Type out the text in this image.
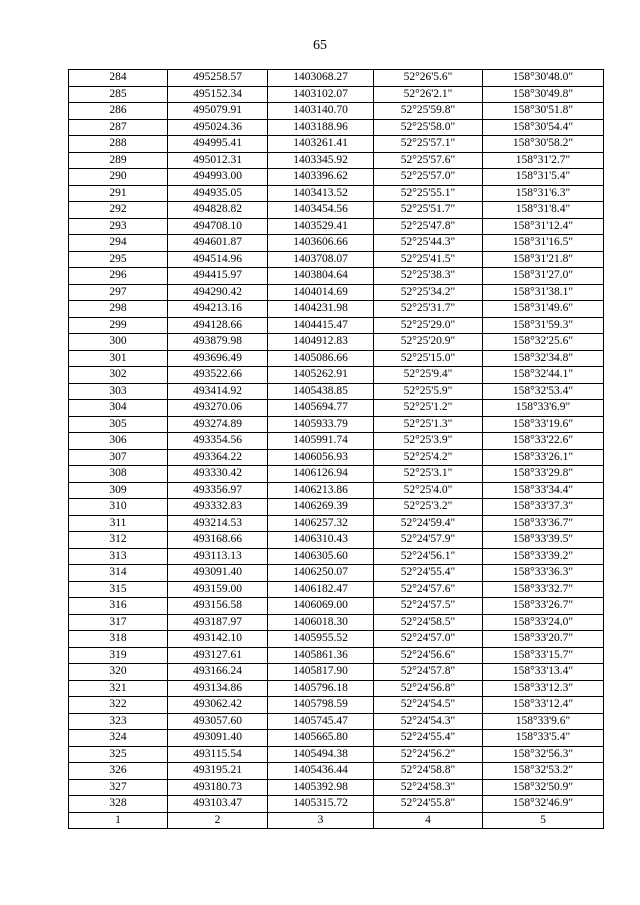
65
284	495258.57	1403068.27	52°26'5.6"	158°30'48.0"
285	495152.34	1403102.07	52°26'2.1"	158°30'49.8"
286	495079.91	1403140.70	52°25'59.8"	158°30'51.8"
287	495024.36	1403188.96	52°25'58.0"	158°30'54.4"
288	494995.41	1403261.41	52°25'57.1"	158°30'58.2"
289	495012.31	1403345.92	52°25'57.6"	158°31'2.7"
290	494993.00	1403396.62	52°25'57.0"	158°31'5.4"
291	494935.05	1403413.52	52°25'55.1"	158°31'6.3"
292	494828.82	1403454.56	52°25'51.7"	158°31'8.4"
293	494708.10	1403529.41	52°25'47.8"	158°31'12.4"
294	494601.87	1403606.66	52°25'44.3"	158°31'16.5"
295	494514.96	1403708.07	52°25'41.5"	158°31'21.8"
296	494415.97	1403804.64	52°25'38.3"	158°31'27.0"
297	494290.42	1404014.69	52°25'34.2"	158°31'38.1"
298	494213.16	1404231.98	52°25'31.7"	158°31'49.6"
299	494128.66	1404415.47	52°25'29.0"	158°31'59.3"
300	493879.98	1404912.83	52°25'20.9"	158°32'25.6"
301	493696.49	1405086.66	52°25'15.0"	158°32'34.8"
302	493522.66	1405262.91	52°25'9.4"	158°32'44.1"
303	493414.92	1405438.85	52°25'5.9"	158°32'53.4"
304	493270.06	1405694.77	52°25'1.2"	158°33'6.9"
305	493274.89	1405933.79	52°25'1.3"	158°33'19.6"
306	493354.56	1405991.74	52°25'3.9"	158°33'22.6"
307	493364.22	1406056.93	52°25'4.2"	158°33'26.1"
308	493330.42	1406126.94	52°25'3.1"	158°33'29.8"
309	493356.97	1406213.86	52°25'4.0"	158°33'34.4"
310	493332.83	1406269.39	52°25'3.2"	158°33'37.3"
311	493214.53	1406257.32	52°24'59.4"	158°33'36.7"
312	493168.66	1406310.43	52°24'57.9"	158°33'39.5"
313	493113.13	1406305.60	52°24'56.1"	158°33'39.2"
314	493091.40	1406250.07	52°24'55.4"	158°33'36.3"
315	493159.00	1406182.47	52°24'57.6"	158°33'32.7"
316	493156.58	1406069.00	52°24'57.5"	158°33'26.7"
317	493187.97	1406018.30	52°24'58.5"	158°33'24.0"
318	493142.10	1405955.52	52°24'57.0"	158°33'20.7"
319	493127.61	1405861.36	52°24'56.6"	158°33'15.7"
320	493166.24	1405817.90	52°24'57.8"	158°33'13.4"
321	493134.86	1405796.18	52°24'56.8"	158°33'12.3"
322	493062.42	1405798.59	52°24'54.5"	158°33'12.4"
323	493057.60	1405745.47	52°24'54.3"	158°33'9.6"
324	493091.40	1405665.80	52°24'55.4"	158°33'5.4"
325	493115.54	1405494.38	52°24'56.2"	158°32'56.3"
326	493195.21	1405436.44	52°24'58.8"	158°32'53.2"
327	493180.73	1405392.98	52°24'58.3"	158°32'50.9"
328	493103.47	1405315.72	52°24'55.8"	158°32'46.9"
1	2	3	4	5
